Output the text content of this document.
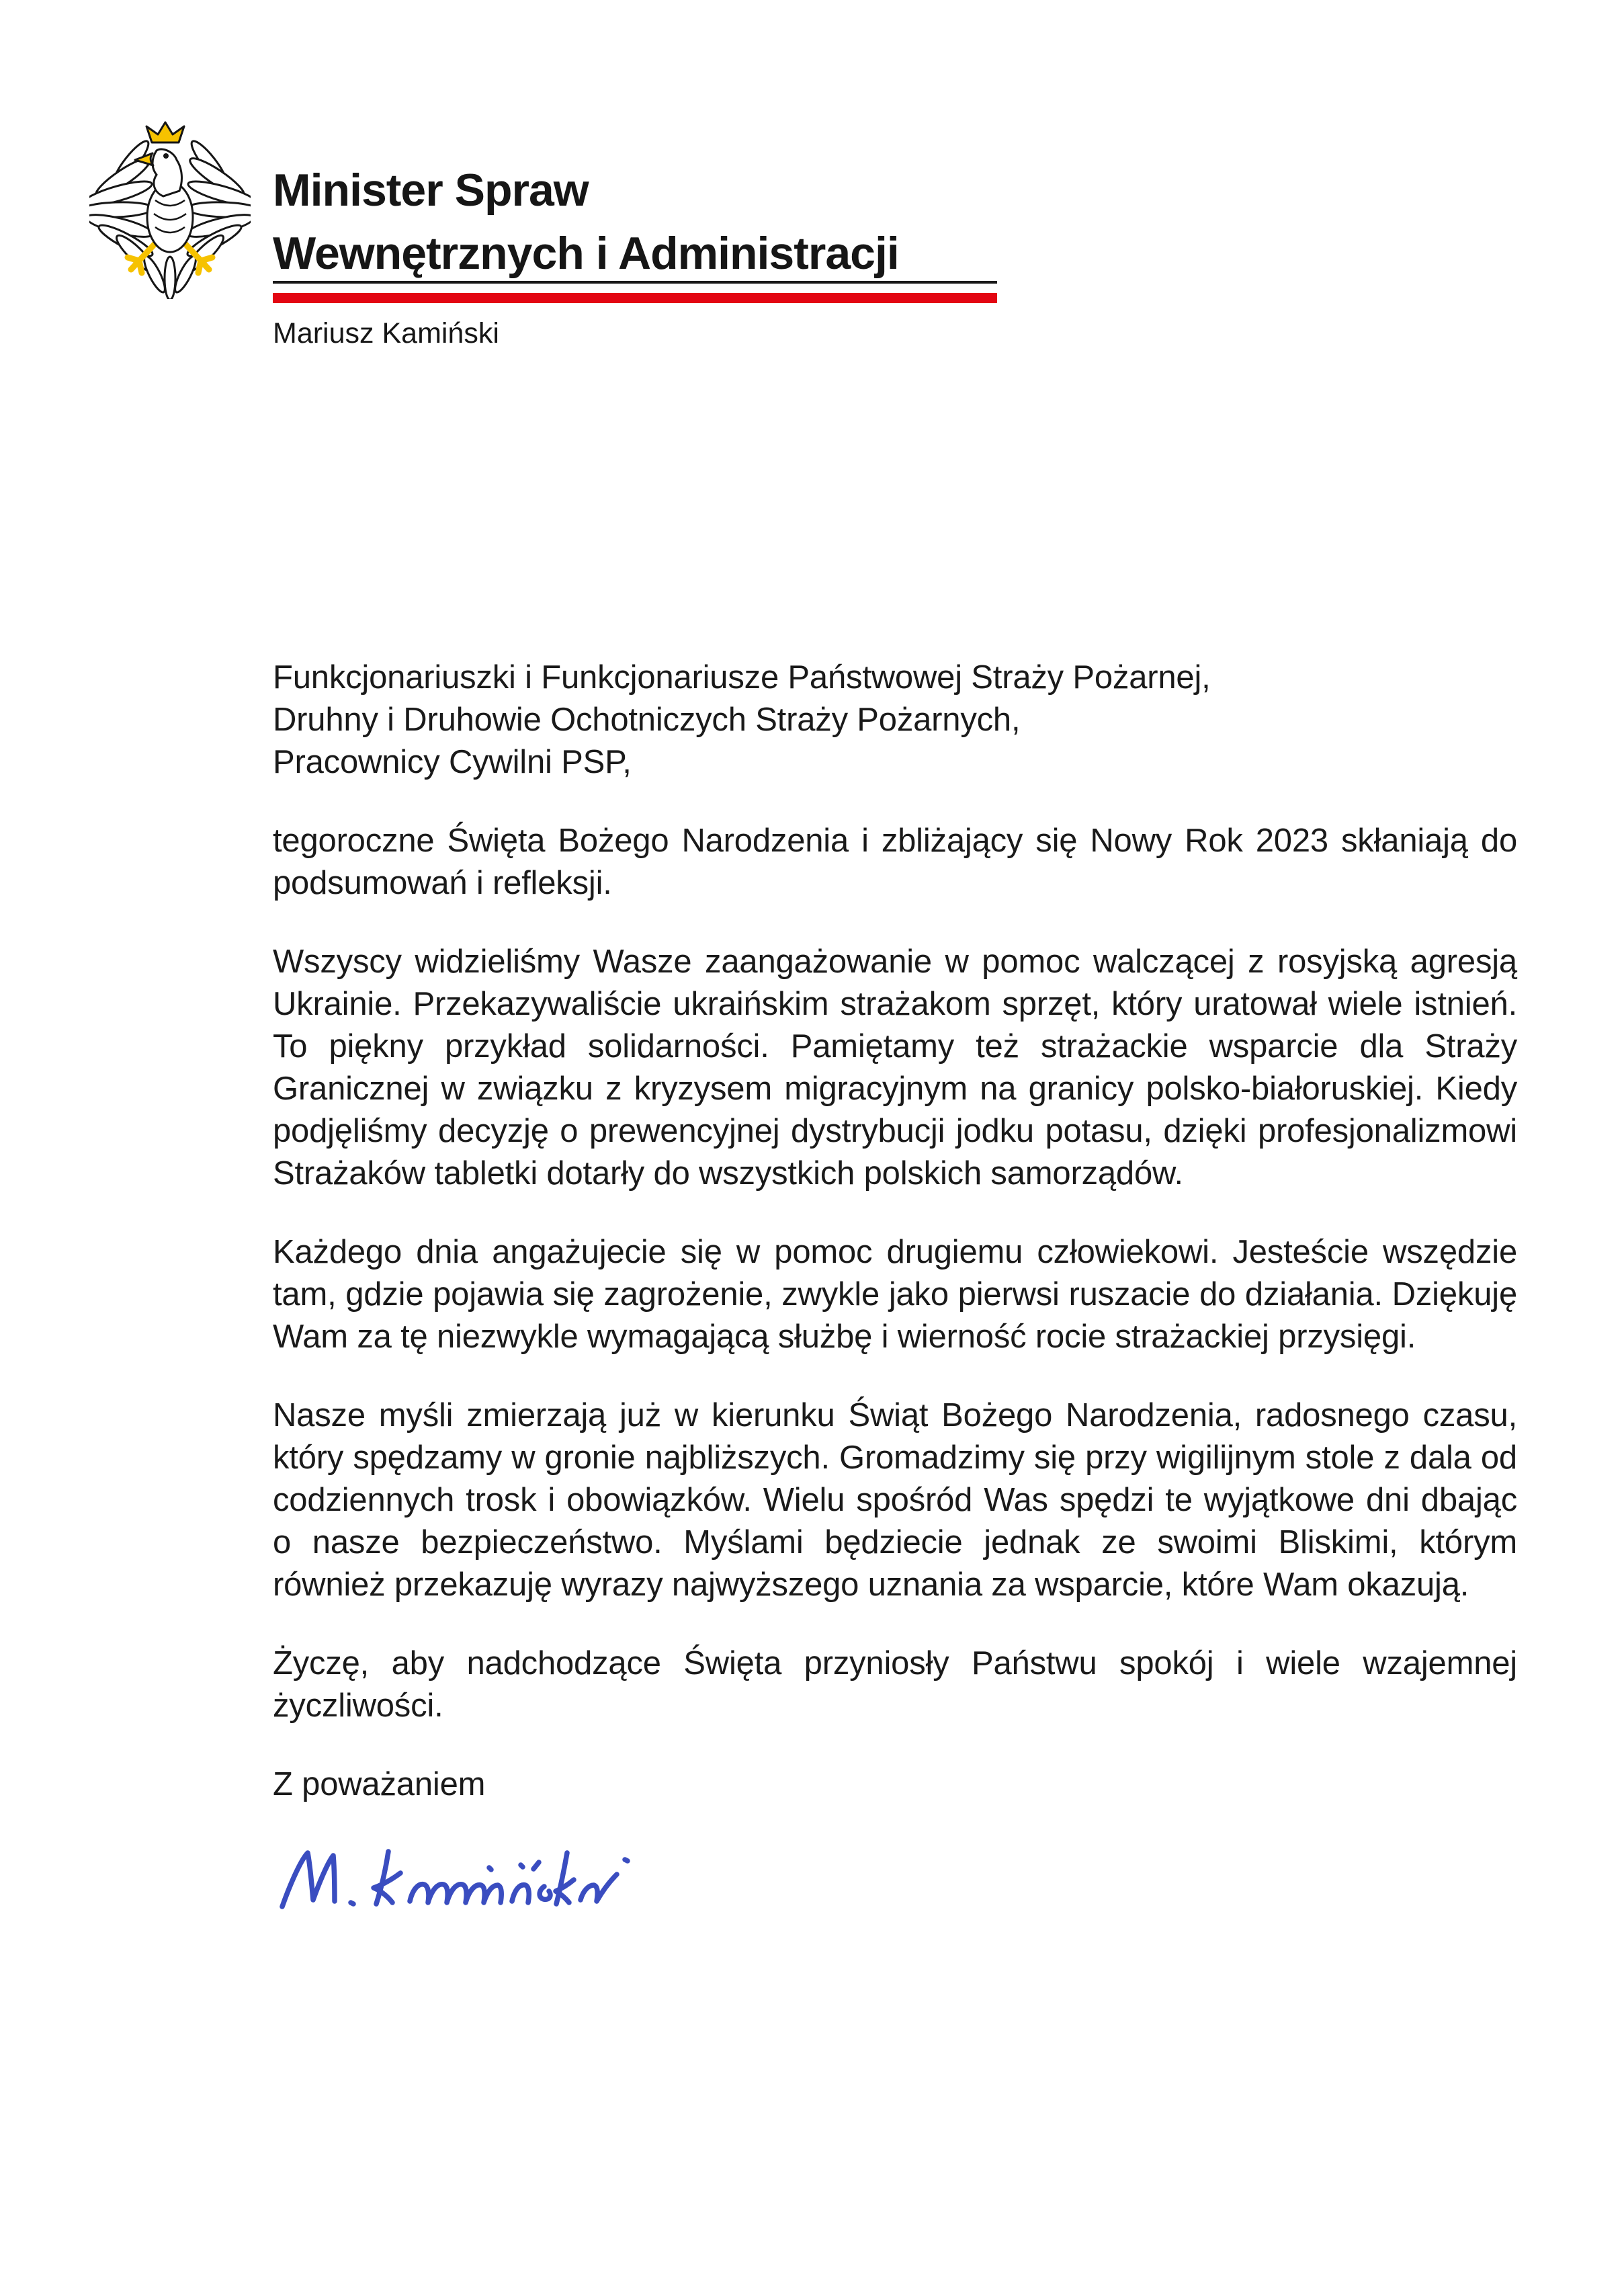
Minister Spraw
Wewnętrznych i Administracji
Mariusz Kamiński

Funkcjonariuszki i Funkcjonariusze Państwowej Straży Pożarnej,
Druhny i Druhowie Ochotniczych Straży Pożarnych,
Pracownicy Cywilni PSP,

tegoroczne Święta Bożego Narodzenia i zbliżający się Nowy Rok 2023 skłaniają do podsumowań i refleksji.

Wszyscy widzieliśmy Wasze zaangażowanie w pomoc walczącej z rosyjską agresją Ukrainie. Przekazywaliście ukraińskim strażakom sprzęt, który uratował wiele istnień. To piękny przykład solidarności. Pamiętamy też strażackie wsparcie dla Straży Granicznej w związku z kryzysem migracyjnym na granicy polsko-białoruskiej. Kiedy podjęliśmy decyzję o prewencyjnej dystrybucji jodku potasu, dzięki profesjonalizmowi Strażaków tabletki dotarły do wszystkich polskich samorządów.

Każdego dnia angażujecie się w pomoc drugiemu człowiekowi. Jesteście wszędzie tam, gdzie pojawia się zagrożenie, zwykle jako pierwsi ruszacie do działania. Dziękuję Wam za tę niezwykle wymagającą służbę i wierność rocie strażackiej przysięgi.

Nasze myśli zmierzają już w kierunku Świąt Bożego Narodzenia, radosnego czasu, który spędzamy w gronie najbliższych. Gromadzimy się przy wigilijnym stole z dala od codziennych trosk i obowiązków. Wielu spośród Was spędzi te wyjątkowe dni dbając o nasze bezpieczeństwo. Myślami będziecie jednak ze swoimi Bliskimi, którym również przekazuję wyrazy najwyższego uznania za wsparcie, które Wam okazują.

Życzę, aby nadchodzące Święta przyniosły Państwu spokój i wiele wzajemnej życzliwości.

Z poważaniem
